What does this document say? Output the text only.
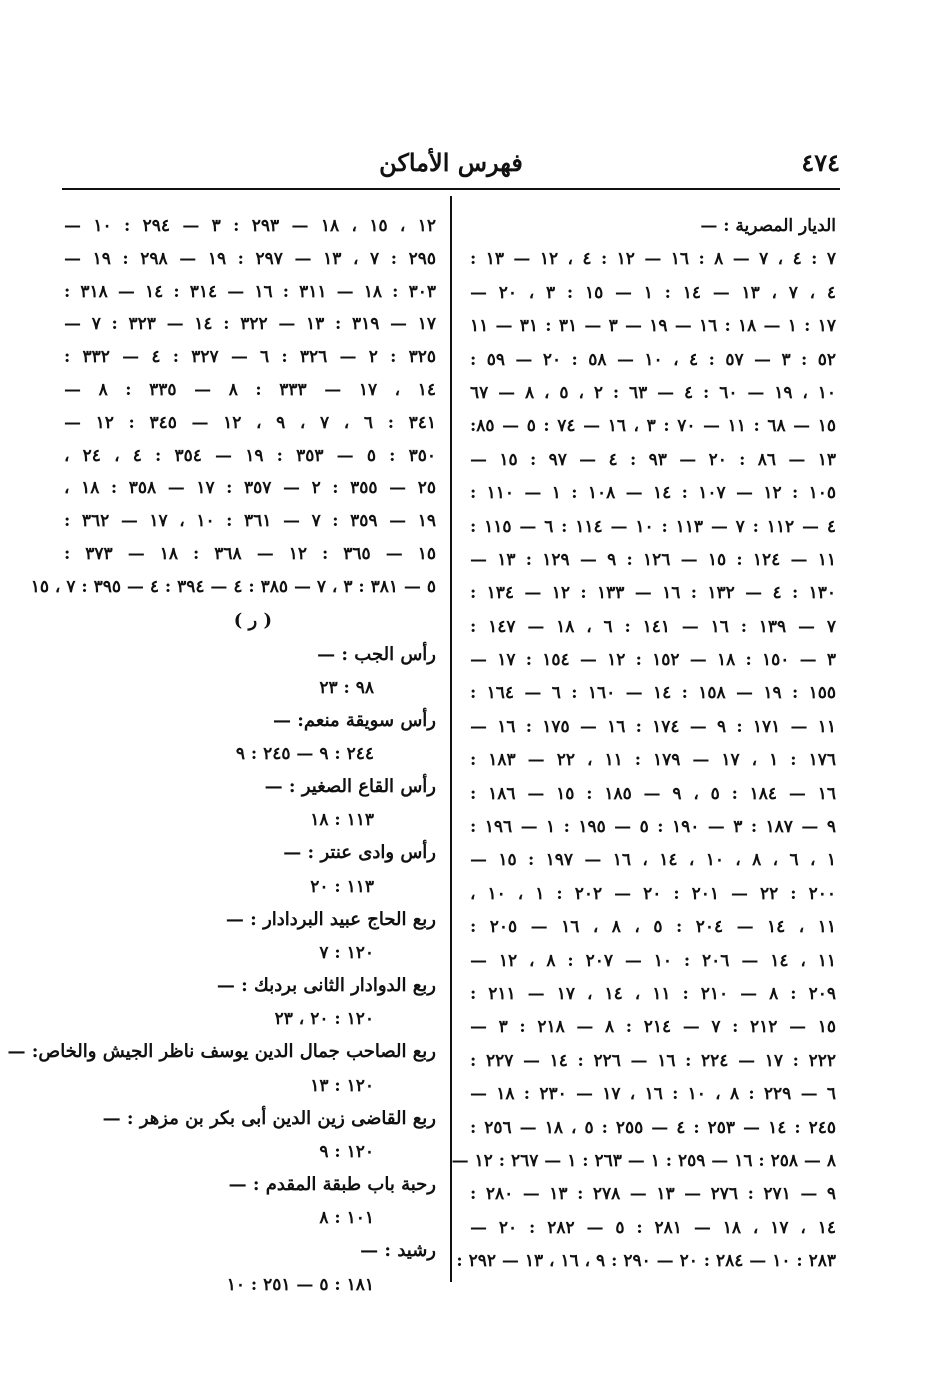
٤٧٤
فهرس الأماكن
الديار المصرية : —
٧ : ٤ ، ٧ — ٨ : ١٦ — ١٢ : ٤ ، ١٢ — ١٣ :
٤ ، ٧ ، ١٣ — ١٤ : ١ — ١٥ : ٣ ، ٢٠ —
١٧ : ١ — ١٨ : ١٦ — ١٩ — ٣ — ٣١ : ٣١ — ١١
٥٢ : ٣ — ٥٧ : ٤ ، ١٠ — ٥٨ : ٢٠ — ٥٩ :
١٠ ، ١٩ — ٦٠ : ٤ — ٦٣ : ٢ ، ٥ ، ٨ — ٦٧
١٥ — ٦٨ : ١١ — ٧٠ : ٣ ، ١٦ — ٧٤ : ٥ — ٨٥:
١٣ — ٨٦ : ٢٠ — ٩٣ : ٤ — ٩٧ : ١٥ —
١٠٥ : ١٢ — ١٠٧ : ١٤ — ١٠٨ : ١ — ١١٠ :
٤ — ١١٢ : ٧ — ١١٣ : ١٠ — ١١٤ : ٦ — ١١٥ :
١١ — ١٢٤ : ١٥ — ١٢٦ : ٩ — ١٢٩ : ١٣ —
١٣٠ : ٤ — ١٣٢ : ١٦ — ١٣٣ : ١٢ — ١٣٤ :
٧ — ١٣٩ : ١٦ — ١٤١ : ٦ ، ١٨ — ١٤٧ :
٣ — ١٥٠ : ١٨ — ١٥٢ : ١٢ — ١٥٤ : ١٧ —
١٥٥ : ١٩ — ١٥٨ : ١٤ — ١٦٠ : ٦ — ١٦٤ :
١١ — ١٧١ : ٩ — ١٧٤ : ١٦ — ١٧٥ : ١٦ —
١٧٦ : ١ ، ١٧ — ١٧٩ : ١١ ، ٢٢ — ١٨٣ :
١٦ — ١٨٤ : ٥ ، ٩ — ١٨٥ : ١٥ — ١٨٦ :
٩ — ١٨٧ : ٣ — ١٩٠ : ٥ — ١٩٥ : ١ — ١٩٦ :
١ ، ٦ ، ٨ ، ١٠ ، ١٤ ، ١٦ — ١٩٧ : ١٥ —
٢٠٠ : ٢٢ — ٢٠١ : ٢٠ — ٢٠٢ : ١ ، ١٠ ،
١١ ، ١٤ — ٢٠٤ : ٥ ، ٨ ، ١٦ — ٢٠٥ :
١١ ، ١٤ — ٢٠٦ : ١٠ — ٢٠٧ : ٨ ، ١٢ —
٢٠٩ : ٨ — ٢١٠ : ١١ ، ١٤ ، ١٧ — ٢١١ :
١٥ — ٢١٢ : ٧ — ٢١٤ : ٨ — ٢١٨ : ٣ —
٢٢٢ : ١٧ — ٢٢٤ : ١٦ — ٢٢٦ : ١٤ — ٢٢٧ :
٦ — ٢٢٩ : ٨ ، ١٠ : ١٦ ، ١٧ — ٢٣٠ : ١٨ —
٢٤٥ : ١٤ — ٢٥٣ : ٤ — ٢٥٥ : ٥ ، ١٨ — ٢٥٦ :
٨ — ٢٥٨ : ١٦ — ٢٥٩ : ١ — ٢٦٣ : ١ — ٢٦٧ : ١٢ —
٩ — ٢٧١ : ٢٧٦ — ١٣ — ٢٧٨ : ١٣ — ٢٨٠ :
١٤ ، ١٧ ، ١٨ — ٢٨١ : ٥ — ٢٨٢ : ٢٠ —
٢٨٣ : ١٠ — ٢٨٤ : ٢٠ — ٢٩٠ : ٩ ، ١٦ ، ١٣ — ٢٩٢ :
١٢ ، ١٥ ، ١٨ — ٢٩٣ : ٣ — ٢٩٤ : ١٠ —
٢٩٥ : ٧ ، ١٣ — ٢٩٧ : ١٩ — ٢٩٨ : ١٩ —
٣٠٣ : ١٨ — ٣١١ : ١٦ — ٣١٤ : ١٤ — ٣١٨ :
١٧ — ٣١٩ : ١٣ — ٣٢٢ : ١٤ — ٣٢٣ : ٧ —
٣٢٥ : ٢ — ٣٢٦ : ٦ — ٣٢٧ : ٤ — ٣٣٢ :
١٤ ، ١٧ — ٣٣٣ : ٨ — ٣٣٥ : ٨ —
٣٤١ : ٦ ، ٧ ، ٩ ، ١٢ — ٣٤٥ : ١٢ —
٣٥٠ : ٥ — ٣٥٣ : ١٩ — ٣٥٤ : ٤ ، ٢٤ ،
٢٥ — ٣٥٥ : ٢ — ٣٥٧ : ١٧ — ٣٥٨ : ١٨ ،
١٩ — ٣٥٩ : ٧ — ٣٦١ : ١٠ ، ١٧ — ٣٦٢ :
١٥ — ٣٦٥ : ١٢ — ٣٦٨ : ١٨ — ٣٧٣ :
٥ — ٣٨١ : ٣ ، ٧ — ٣٨٥ : ٤ — ٣٩٤ : ٤ — ٣٩٥ : ٧ ، ١٥
( ر )
رأس الجب : —
٩٨ : ٢٣
رأس سويقة منعم: —
٢٤٤ : ٩ — ٢٤٥ : ٩
رأس القاع الصغير : —
١١٣ : ١٨
رأس وادى عنتر : —
١١٣ : ٢٠
ربع الحاج عبيد البردادار : —
١٢٠ : ٧
ربع الدوادار الثانى بردبك : —
١٢٠ : ٢٠ ، ٢٣
ربع الصاحب جمال الدين يوسف ناظر الجيش والخاص: —
١٢٠ : ١٣
ربع القاضى زين الدين أبى بكر بن مزهر : —
١٢٠ : ٩
رحبة باب طبقة المقدم : —
١٠١ : ٨
رشيد : —
١٨١ : ٥ — ٢٥١ : ١٠
